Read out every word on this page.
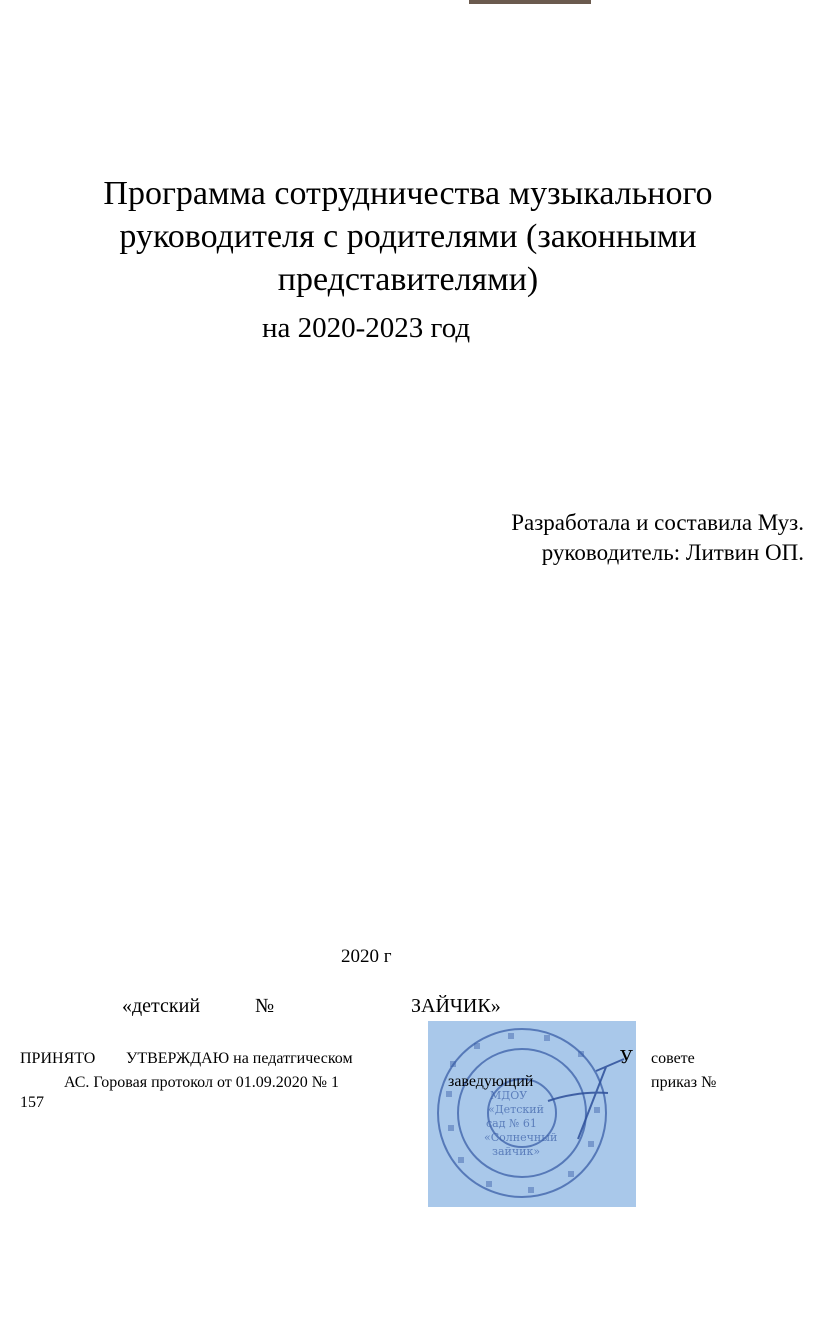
Программа сотрудничества музыкального
руководителя с родителями (законными
представителями)
на 2020-2023 год
Разработала и составила Муз.
руководитель: Литвин ОП.
2020 г
«детский	№	ЗАЙЧИК»
МДОУ
«Детский
сад № 61
«Солнечный
зайчик»
У
ПРИНЯТО УТВЕРЖДАЮ на педатгическом	совете
АС. Горовая протокол от 01.09.2020 № 1	заведующий	приказ №
157
